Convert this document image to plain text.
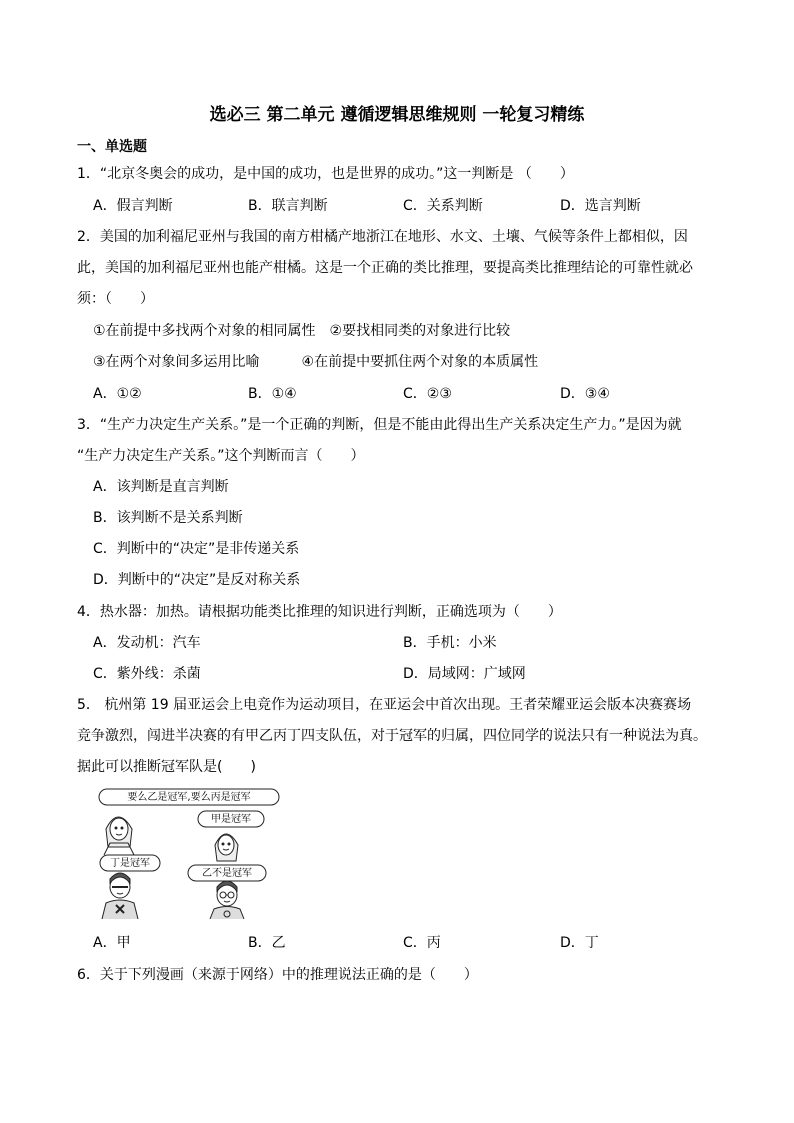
选必三 第二单元 遵循逻辑思维规则 一轮复习精练
一、单选题
1．“北京冬奥会的成功，是中国的成功，也是世界的成功。”这一判断是 （　　）
A．假言判断	B．联言判断	C．关系判断	D．选言判断
2．美国的加利福尼亚州与我国的南方柑橘产地浙江在地形、水文、土壤、气候等条件上都相似，因
此，美国的加利福尼亚州也能产柑橘。这是一个正确的类比推理，要提高类比推理结论的可靠性就必
须：（　　）
①在前提中多找两个对象的相同属性　②要找相同类的对象进行比较
③在两个对象间多运用比喻　　　④在前提中要抓住两个对象的本质属性
A．①②	B．①④	C．②③	D．③④
3．“生产力决定生产关系。”是一个正确的判断，但是不能由此得出生产关系决定生产力。”是因为就
“生产力决定生产关系。”这个判断而言（　　）
A．该判断是直言判断
B．该判断不是关系判断
C．判断中的“决定”是非传递关系
D．判断中的“决定”是反对称关系
4．热水器：加热。请根据功能类比推理的知识进行判断，正确选项为（　　）
A．发动机：汽车	B．手机：小米
C．紫外线：杀菌	D．局域网：广域网
5． 杭州第 19 届亚运会上电竞作为运动项目，在亚运会中首次出现。王者荣耀亚运会版本决赛赛场
竞争激烈，闯进半决赛的有甲乙丙丁四支队伍，对于冠军的归属，四位同学的说法只有一种说法为真。
据此可以推断冠军队是(　　)
要么乙是冠军,要么丙是冠军
甲是冠军
丁是冠军
乙不是冠军
A．甲	B．乙	C．丙	D．丁
6．关于下列漫画（来源于网络）中的推理说法正确的是（　　）
